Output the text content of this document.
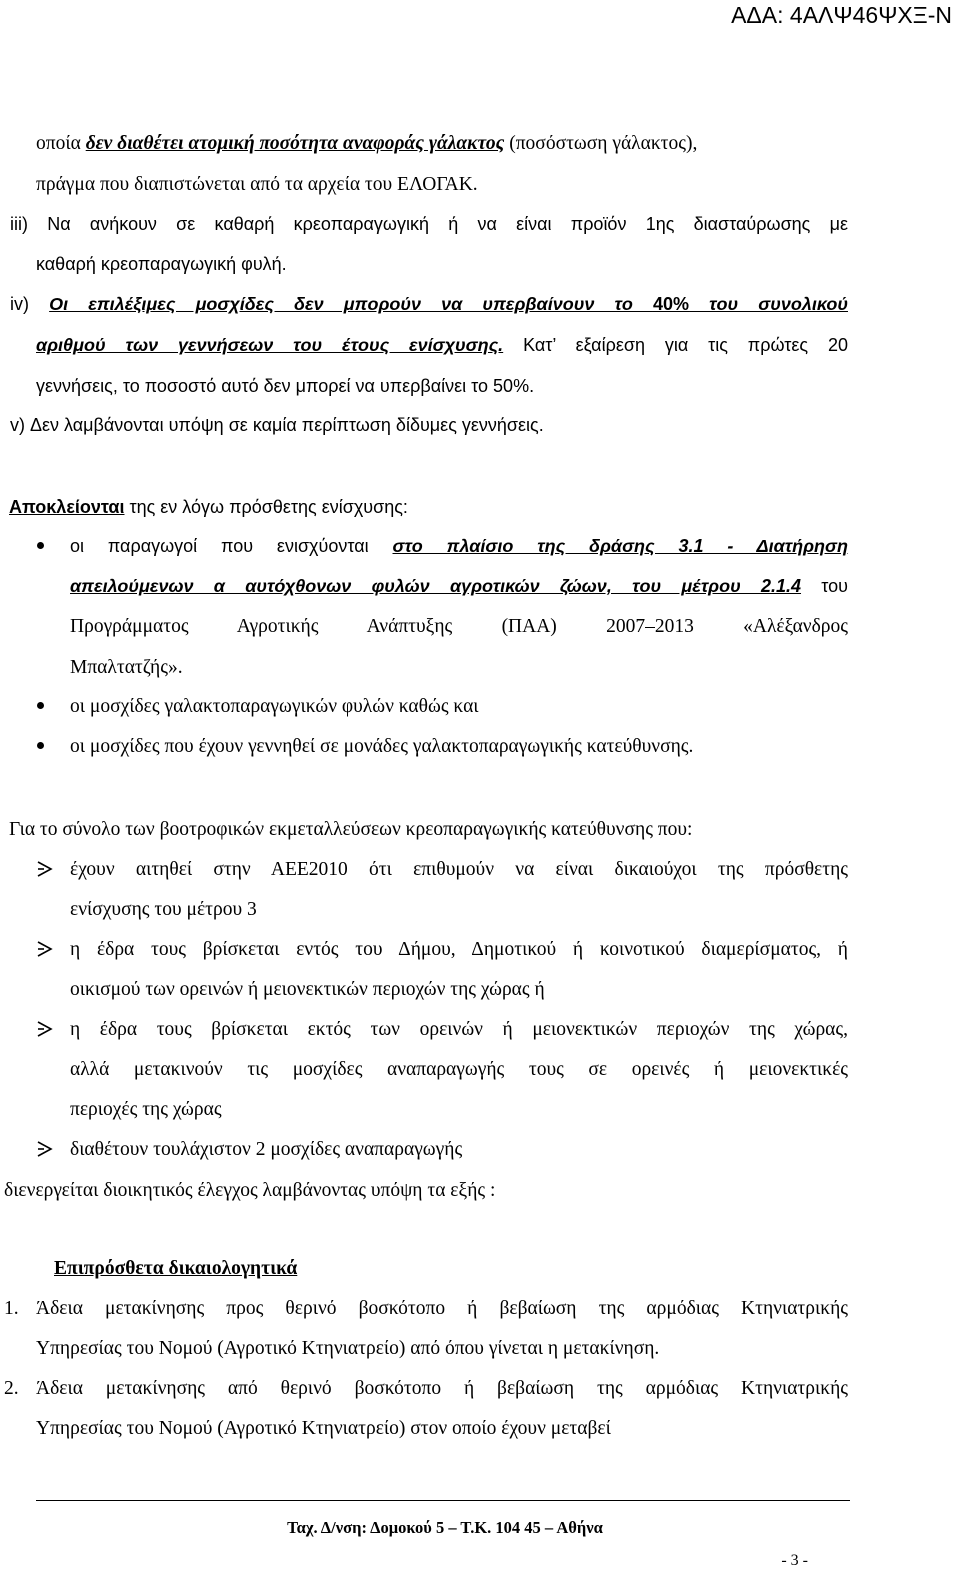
ΑΔΑ: 4ΑΛΨ46ΨΧΞ-Ν
οποία δεν διαθέτει ατομική ποσότητα αναφοράς γάλακτος (ποσόστωση γάλακτος),
πράγμα που διαπιστώνεται από τα αρχεία του ΕΛΟΓΑΚ.
iii) Να ανήκουν σε καθαρή κρεοπαραγωγική ή να είναι προϊόν 1ης διασταύρωσης με
καθαρή κρεοπαραγωγική φυλή.
iv) Οι επιλέξιμες μοσχίδες δεν μπορούν να υπερβαίνουν το 40% του συνολικού
αριθμού των γεννήσεων του έτους ενίσχυσης. Κατ’ εξαίρεση για τις πρώτες 20
γεννήσεις, το ποσοστό αυτό δεν μπορεί να υπερβαίνει το 50%.
v) Δεν λαμβάνονται υπόψη σε καμία περίπτωση δίδυμες γεννήσεις.
Αποκλείονται της εν λόγω πρόσθετης ενίσχυσης:
οι παραγωγοί που ενισχύονται στο πλαίσιο της δράσης 3.1 - Διατήρηση
απειλούμενων α αυτόχθονων φυλών αγροτικών ζώων, του μέτρου 2.1.4 του
Προγράμματος Αγροτικής Ανάπτυξης (ΠΑΑ) 2007–2013 «Αλέξανδρος
Μπαλτατζής».
οι μοσχίδες γαλακτοπαραγωγικών φυλών καθώς και
οι μοσχίδες που έχουν γεννηθεί σε μονάδες γαλακτοπαραγωγικής κατεύθυνσης.
Για το σύνολο των βοοτροφικών εκμεταλλεύσεων κρεοπαραγωγικής κατεύθυνσης που:
έχουν αιτηθεί στην ΑΕΕ2010 ότι επιθυμούν να είναι δικαιούχοι της πρόσθετης
ενίσχυσης του μέτρου 3
η έδρα τους βρίσκεται εντός του Δήμου, Δημοτικού ή κοινοτικού διαμερίσματος, ή
οικισμού των ορεινών ή μειονεκτικών περιοχών της χώρας ή
η έδρα τους βρίσκεται εκτός των ορεινών ή μειονεκτικών περιοχών της χώρας,
αλλά μετακινούν τις μοσχίδες αναπαραγωγής τους σε ορεινές ή μειονεκτικές
περιοχές της χώρας
διαθέτουν τουλάχιστον 2 μοσχίδες αναπαραγωγής
διενεργείται διοικητικός έλεγχος λαμβάνοντας υπόψη τα εξής :
Επιπρόσθετα δικαιολογητικά
1. Άδεια μετακίνησης προς θερινό βοσκότοπο ή βεβαίωση της αρμόδιας Κτηνιατρικής
Υπηρεσίας του Νομού (Αγροτικό Κτηνιατρείο) από όπου γίνεται η μετακίνηση.
2. Άδεια μετακίνησης από θερινό βοσκότοπο ή βεβαίωση της αρμόδιας Κτηνιατρικής
Υπηρεσίας του Νομού (Αγροτικό Κτηνιατρείο) στον οποίο έχουν μεταβεί
Ταχ. Δ/νση: Δομοκού 5 – Τ.Κ. 104 45 – Αθήνα
- 3 -
